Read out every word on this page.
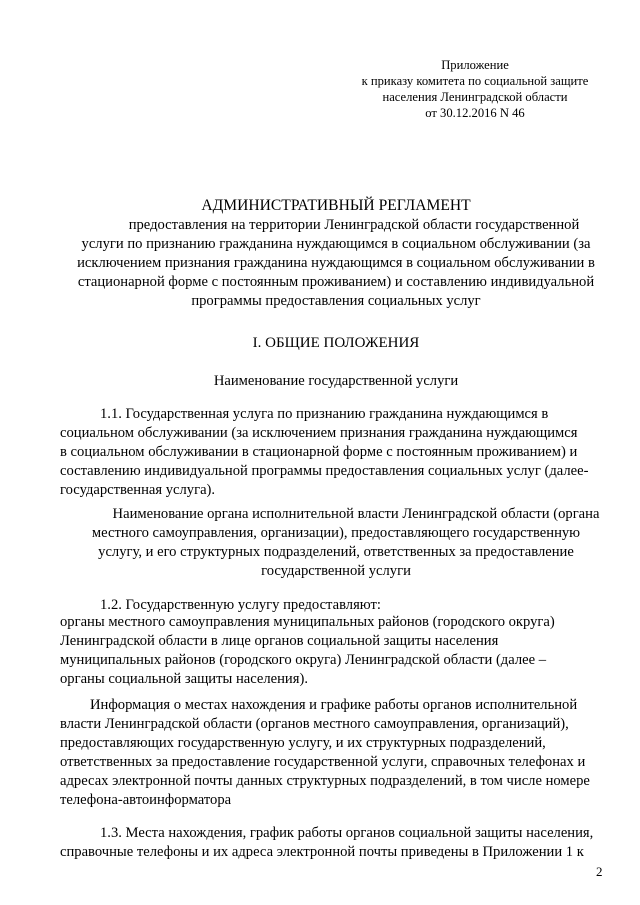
Приложение
к приказу комитета по социальной защите
населения Ленинградской области
от 30.12.2016 N 46
АДМИНИСТРАТИВНЫЙ РЕГЛАМЕНТ
предоставления на территории Ленинградской области государственной
услуги по признанию гражданина нуждающимся в социальном обслуживании (за
исключением признания гражданина нуждающимся в социальном обслуживании в
стационарной форме с постоянным проживанием) и составлению индивидуальной
программы предоставления социальных услуг
I. ОБЩИЕ ПОЛОЖЕНИЯ
Наименование государственной услуги
1.1. Государственная услуга по признанию гражданина нуждающимся в
социальном обслуживании (за исключением признания гражданина нуждающимся
в социальном обслуживании в стационарной форме с постоянным проживанием) и
составлению индивидуальной программы предоставления социальных услуг (далее-
государственная услуга).
Наименование органа исполнительной власти Ленинградской области (органа
местного самоуправления, организации), предоставляющего государственную
услугу, и его структурных подразделений, ответственных за предоставление
государственной услуги
1.2. Государственную услугу предоставляют:
органы местного самоуправления муниципальных районов (городского округа)
Ленинградской области в лице органов социальной защиты населения
муниципальных районов (городского округа) Ленинградской области (далее –
органы социальной защиты населения).
Информация о местах нахождения и графике работы органов исполнительной
власти Ленинградской области (органов местного самоуправления, организаций),
предоставляющих государственную услугу, и их структурных подразделений,
ответственных за предоставление государственной услуги, справочных телефонах и
адресах электронной почты данных структурных подразделений, в том числе номере
телефона-автоинформатора
1.3. Места нахождения, график работы органов социальной защиты населения,
справочные телефоны и их адреса электронной почты приведены в Приложении 1 к
2
